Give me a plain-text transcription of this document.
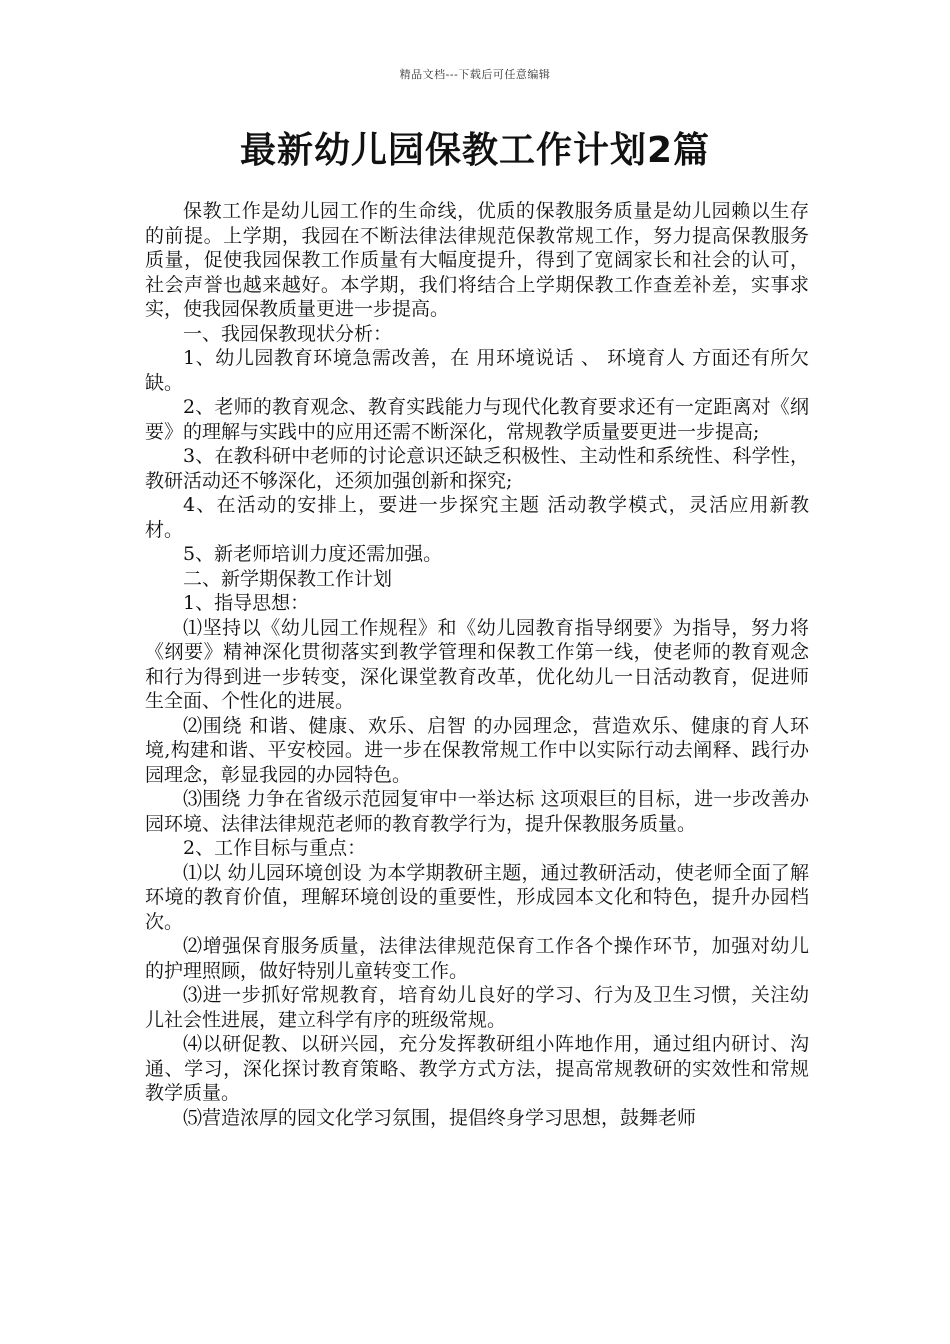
精品文档---下载后可任意编辑
最新幼儿园保教工作计划2篇

保教工作是幼儿园工作的生命线，优质的保教服务质量是幼儿园赖以生存的前提。上学期，我园在不断法律法律规范保教常规工作，努力提高保教服务质量，促使我园保教工作质量有大幅度提升，得到了宽阔家长和社会的认可，社会声誉也越来越好。本学期，我们将结合上学期保教工作查差补差，实事求实，使我园保教质量更进一步提高。

一、我园保教现状分析：

1、幼儿园教育环境急需改善，在 用环境说话 、 环境育人 方面还有所欠缺。

2、老师的教育观念、教育实践能力与现代化教育要求还有一定距离对《纲要》的理解与实践中的应用还需不断深化，常规教学质量要更进一步提高;

3、在教科研中老师的讨论意识还缺乏积极性、主动性和系统性、科学性，教研活动还不够深化，还须加强创新和探究;

4、在活动的安排上，要进一步探究主题 活动教学模式，灵活应用新教材。

5、新老师培训力度还需加强。

二、新学期保教工作计划

1、指导思想：

⑴坚持以《幼儿园工作规程》和《幼儿园教育指导纲要》为指导，努力将《纲要》精神深化贯彻落实到教学管理和保教工作第一线，使老师的教育观念和行为得到进一步转变，深化课堂教育改革，优化幼儿一日活动教育，促进师生全面、个性化的进展。

⑵围绕 和谐、健康、欢乐、启智 的办园理念，营造欢乐、健康的育人环境,构建和谐、平安校园。进一步在保教常规工作中以实际行动去阐释、践行办园理念，彰显我园的办园特色。

⑶围绕 力争在省级示范园复审中一举达标 这项艰巨的目标，进一步改善办园环境、法律法律规范老师的教育教学行为，提升保教服务质量。

2、工作目标与重点：

⑴以 幼儿园环境创设 为本学期教研主题，通过教研活动，使老师全面了解环境的教育价值，理解环境创设的重要性，形成园本文化和特色，提升办园档次。

⑵增强保育服务质量，法律法律规范保育工作各个操作环节，加强对幼儿的护理照顾，做好特别儿童转变工作。

⑶进一步抓好常规教育，培育幼儿良好的学习、行为及卫生习惯，关注幼儿社会性进展，建立科学有序的班级常规。

⑷以研促教、以研兴园，充分发挥教研组小阵地作用，通过组内研讨、沟通、学习，深化探讨教育策略、教学方式方法，提高常规教研的实效性和常规教学质量。

⑸营造浓厚的园文化学习氛围，提倡终身学习思想，鼓舞老师
